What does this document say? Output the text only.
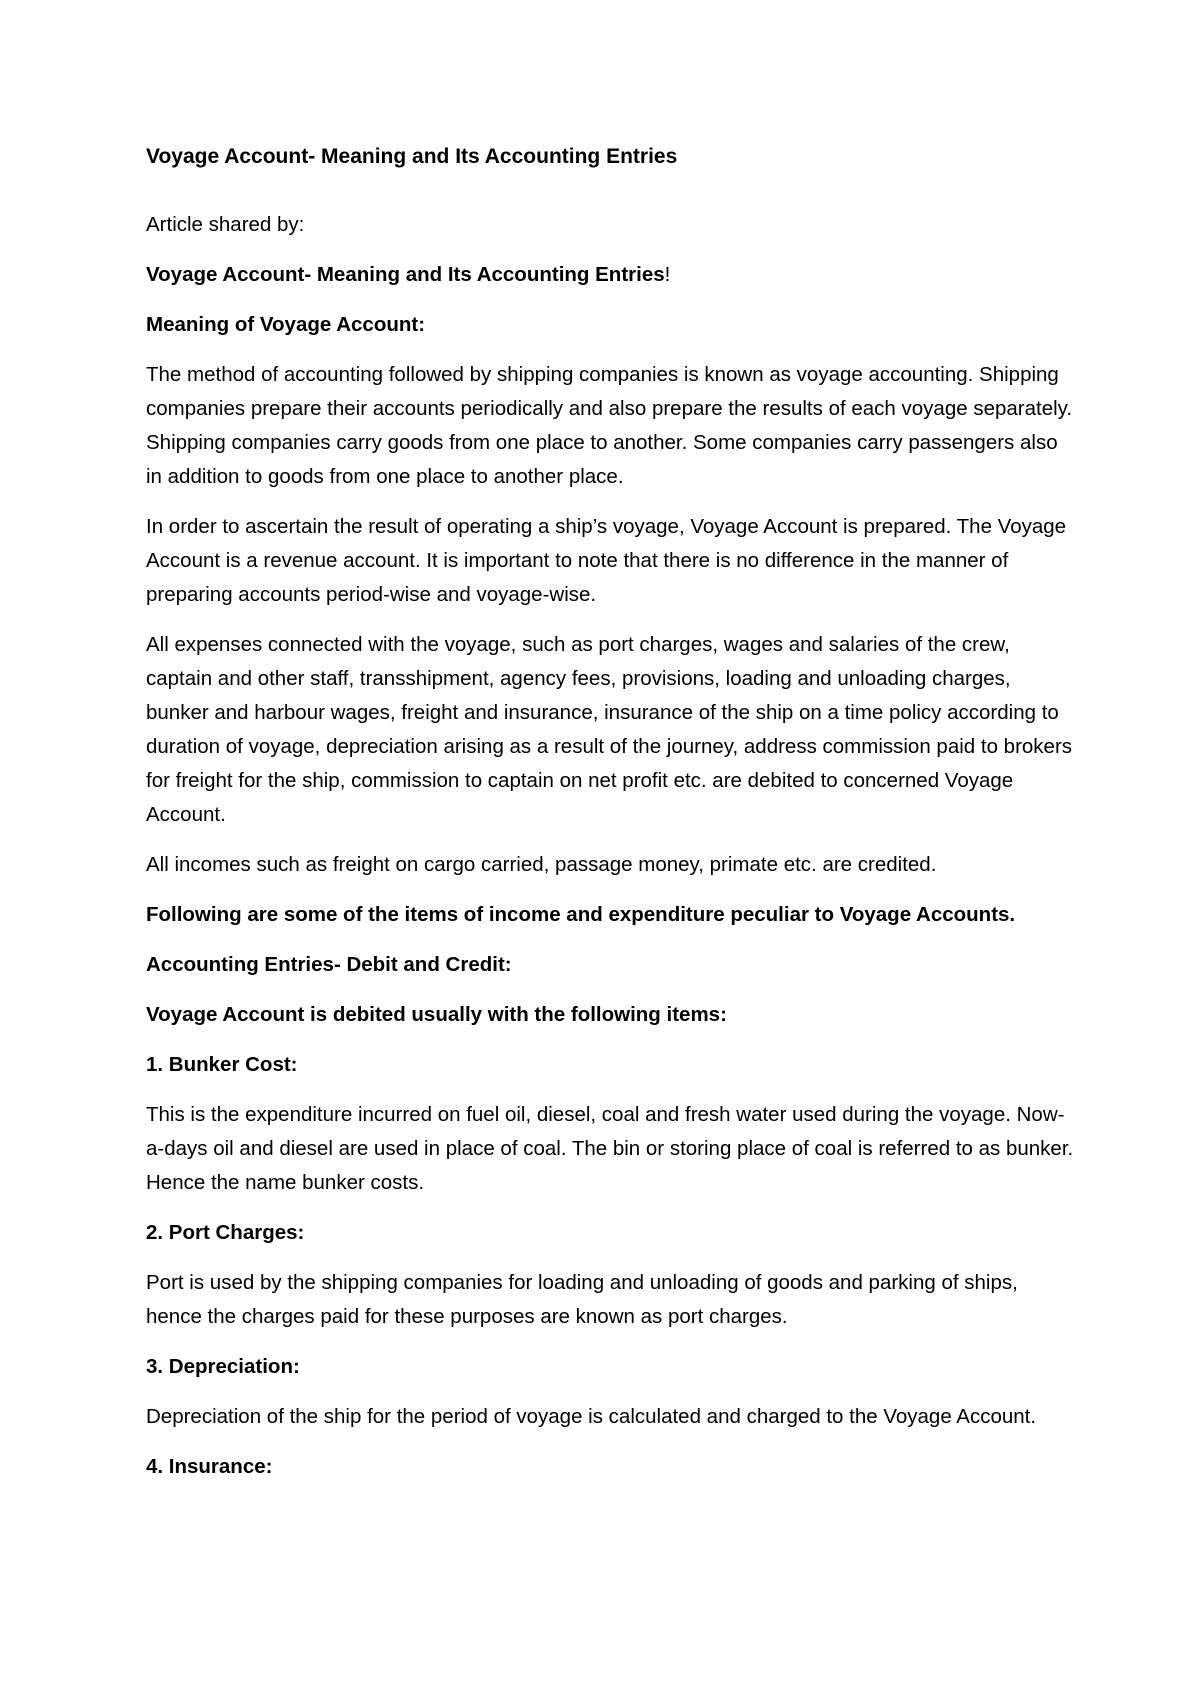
Voyage Account- Meaning and Its Accounting Entries
Article shared by:
Voyage Account- Meaning and Its Accounting Entries!
Meaning of Voyage Account:
The method of accounting followed by shipping companies is known as voyage accounting. Shipping companies prepare their accounts periodically and also prepare the results of each voyage separately. Shipping companies carry goods from one place to another. Some companies carry passengers also in addition to goods from one place to another place.
In order to ascertain the result of operating a ship’s voyage, Voyage Account is prepared. The Voyage Account is a revenue account. It is important to note that there is no difference in the manner of preparing accounts period-wise and voyage-wise.
All expenses connected with the voyage, such as port charges, wages and salaries of the crew, captain and other staff, transshipment, agency fees, provisions, loading and unloading charges, bunker and harbour wages, freight and insurance, insurance of the ship on a time policy according to duration of voyage, depreciation arising as a result of the journey, address commission paid to brokers for freight for the ship, commission to captain on net profit etc. are debited to concerned Voyage Account.
All incomes such as freight on cargo carried, passage money, primate etc. are credited.
Following are some of the items of income and expenditure peculiar to Voyage Accounts.
Accounting Entries- Debit and Credit:
Voyage Account is debited usually with the following items:
1. Bunker Cost:
This is the expenditure incurred on fuel oil, diesel, coal and fresh water used during the voyage. Now-a-days oil and diesel are used in place of coal. The bin or storing place of coal is referred to as bunker. Hence the name bunker costs.
2. Port Charges:
Port is used by the shipping companies for loading and unloading of goods and parking of ships, hence the charges paid for these purposes are known as port charges.
3. Depreciation:
Depreciation of the ship for the period of voyage is calculated and charged to the Voyage Account.
4. Insurance:
